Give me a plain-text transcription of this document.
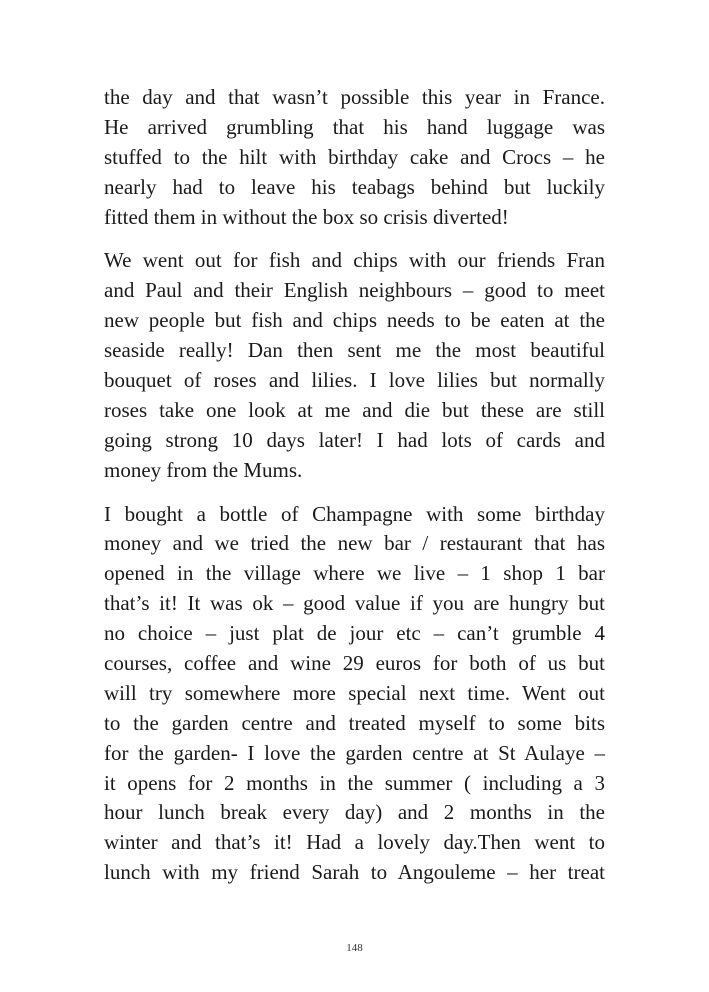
the day and that wasn’t possible this year in France.
He arrived grumbling that his hand luggage was
stuffed to the hilt with birthday cake and Crocs – he
nearly had to leave his teabags behind but luckily
fitted them in without the box so crisis diverted!
We went out for fish and chips with our friends Fran
and Paul and their English neighbours – good to meet
new people but fish and chips needs to be eaten at the
seaside really! Dan then sent me the most beautiful
bouquet of roses and lilies. I love lilies but normally
roses take one look at me and die but these are still
going strong 10 days later! I had lots of cards and
money from the Mums.
I bought a bottle of Champagne with some birthday
money and we tried the new bar / restaurant that has
opened in the village where we live – 1 shop 1 bar
that’s it! It was ok – good value if you are hungry but
no choice – just plat de jour etc – can’t grumble 4
courses, coffee and wine 29 euros for both of us but
will try somewhere more special next time. Went out
to the garden centre and treated myself to some bits
for the garden- I love the garden centre at St Aulaye –
it opens for 2 months in the summer ( including a 3
hour lunch break every day) and 2 months in the
winter and that’s it! Had a lovely day.Then went to
lunch with my friend Sarah to Angouleme – her treat
148
